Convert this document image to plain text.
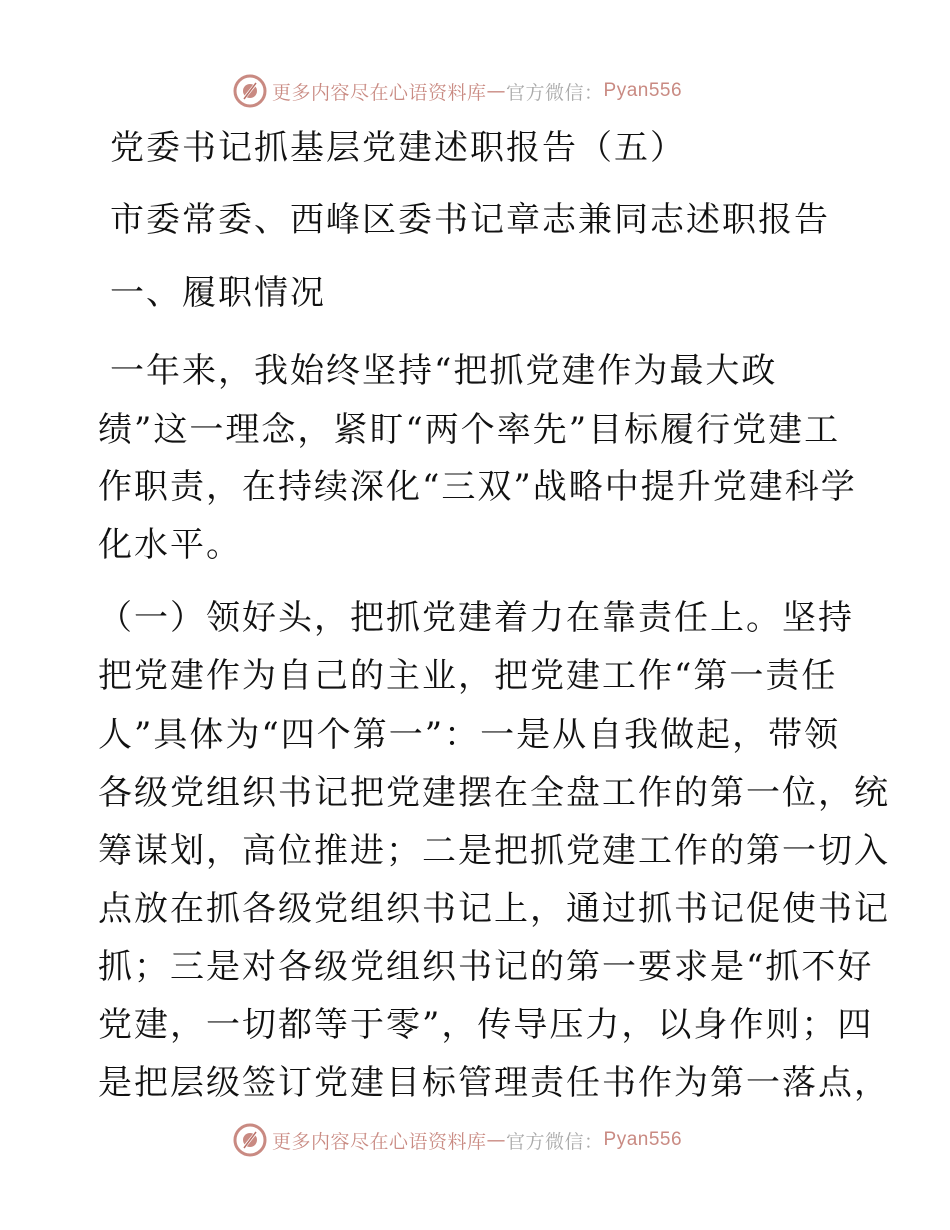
更多内容尽在心语资料库 — 官方微信： Pyan556
党委书记抓基层党建述职报告（五）
市委常委、西峰区委书记章志兼同志述职报告
一、履职情况
一年来，我始终坚持“把抓党建作为最大政
绩”这一理念，紧盯“两个率先”目标履行党建工
作职责，在持续深化“三双”战略中提升党建科学
化水平。
（一）领好头，把抓党建着力在靠责任上。坚持
把党建作为自己的主业，把党建工作“第一责任
人”具体为“四个第一”：一是从自我做起，带领
各级党组织书记把党建摆在全盘工作的第一位，统
筹谋划，高位推进；二是把抓党建工作的第一切入
点放在抓各级党组织书记上，通过抓书记促使书记
抓；三是对各级党组织书记的第一要求是“抓不好
党建，一切都等于零”，传导压力，以身作则；四
是把层级签订党建目标管理责任书作为第一落点，
更多内容尽在心语资料库 — 官方微信： Pyan556
